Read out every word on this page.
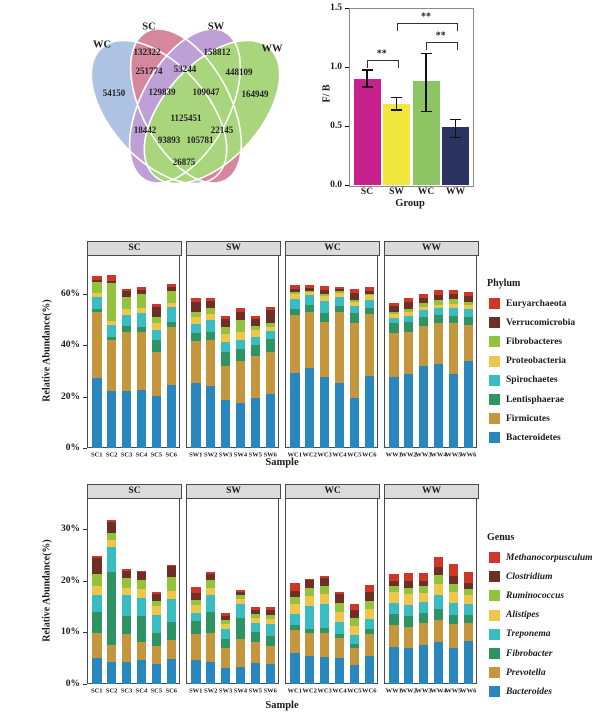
WC
SC	SW
WW
54150
132322	158812
164949
251774 53244	448109
18442	22145
26875
129839 109047
93893 105781
1125451
F/ B
Group
0.0
0.5
1.0
1.5
SC SW WC WW
**
**
**
Relative Abundance(%)
Sample
Phylum
0%
20%
40%
60%
SC
SC1 SC2 SC3 SC4 SC5 SC6
SW
SW1 SW2 SW3 SW4 SW5 SW6
WC
WC1 WC2 WC3 WC4 WC5 WC6
WW
WW1
WW2
WW3
WW4
WW5
WW6
Euryarchaeota
Verrucomicrobia
Fibrobacteres
Proteobacteria
Spirochaetes
Lentisphaerae
Firmicutes
Bacteroidetes
Relative Abundance(%)
Sample
Genus
0%
10%
20%
30%
SC
SC1 SC2 SC3 SC4 SC5 SC6
SW
SW1 SW2 SW3 SW4 SW5 SW6
WC
WC1 WC2 WC3 WC4 WC5 WC6
WW
WW1
WW2
WW3
WW4
WW5
WW6
Methanocorpusculum
Clostridium
Ruminococcus
Alistipes
Treponema
Fibrobacter
Prevotella
Bacteroides
